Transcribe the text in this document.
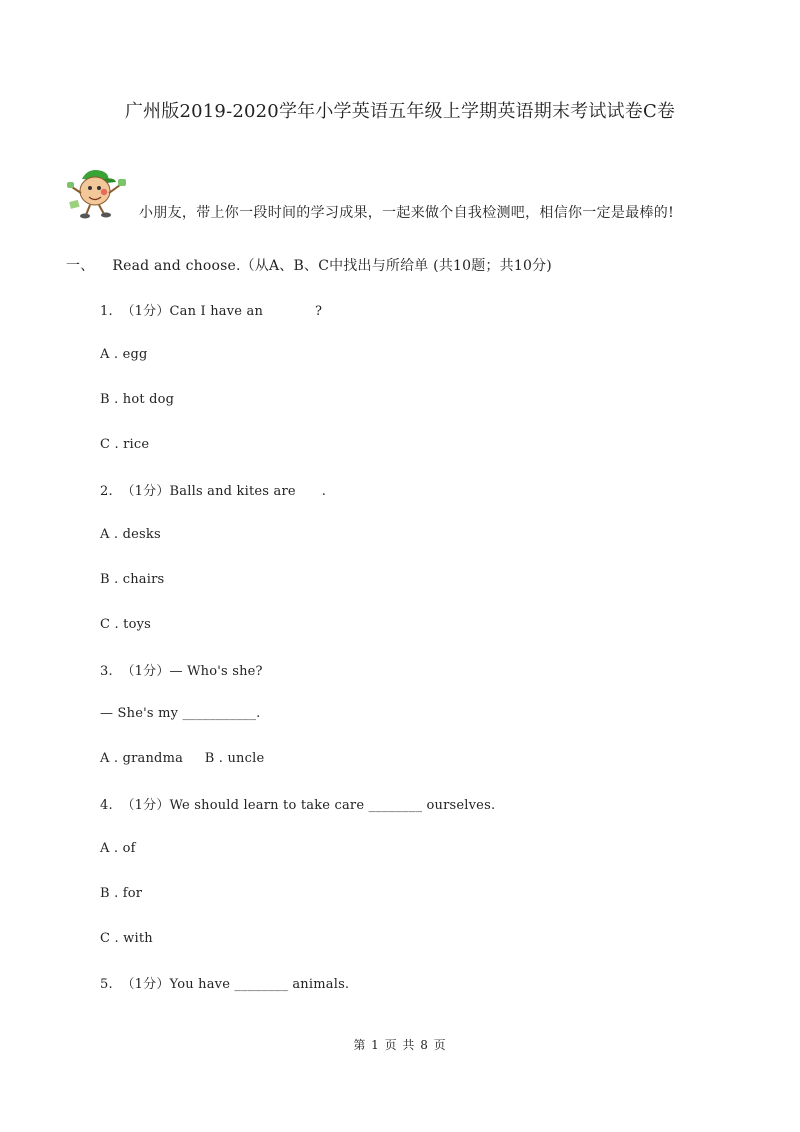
广州版2019-2020学年小学英语五年级上学期英语期末考试试卷C卷
小朋友，带上你一段时间的学习成果，一起来做个自我检测吧，相信你一定是最棒的!
一、 Read and choose.（从A、B、C中找出与所给单 (共10题；共10分)
1.  （1分）Can I have an            ?
A . egg
B . hot dog
C . rice
2.  （1分）Balls and kites are      .
A . desks
B . chairs
C . toys
3.  （1分）— Who's she?
— She's my ___________.
A . grandma     B . uncle
4.  （1分）We should learn to take care ________ ourselves.
A . of
B . for
C . with
5.  （1分）You have ________ animals.
第 1 页 共 8 页
